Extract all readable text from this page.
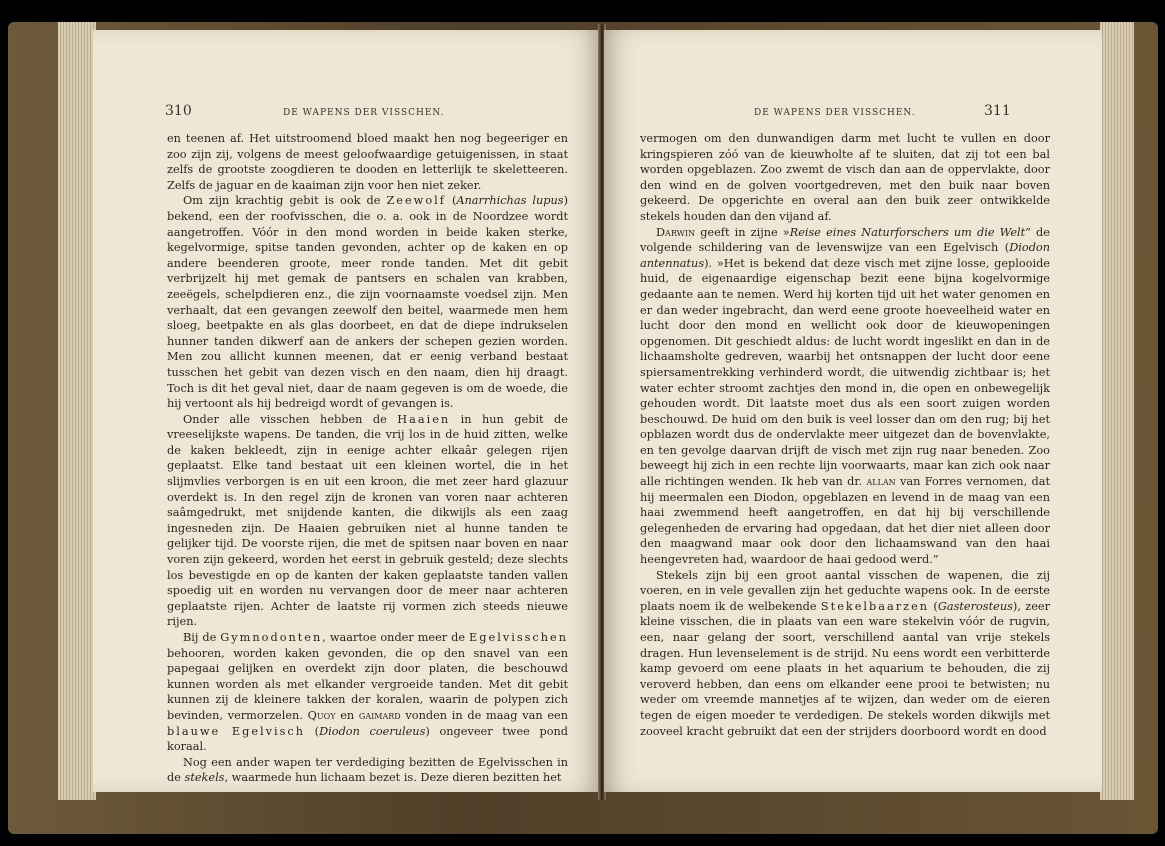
310	DE WAPENS DER VISSCHEN.

en teenen af. Het uitstroomend bloed maakt hen nog begeeriger en zoo zijn zij, volgens de meest geloofwaardige getuigenissen, in staat zelfs de grootste zoogdieren te dooden en letterlijk te skeletteeren. Zelfs de jaguar en de kaaiman zijn voor hen niet zeker.

Om zijn krachtig gebit is ook de Zeewolf (Anarrhichas lupus) bekend, een der roofvisschen, die o. a. ook in de Noordzee wordt aangetroffen. Vóór in den mond worden in beide kaken sterke, kegelvormige, spitse tanden gevonden, achter op de kaken en op andere beenderen groote, meer ronde tanden. Met dit gebit verbrijzelt hij met gemak de pantsers en schalen van krabben, zeeëgels, schelpdieren enz., die zijn voornaamste voedsel zijn. Men verhaalt, dat een gevangen zeewolf den beitel, waarmede men hem sloeg, beetpakte en als glas doorbeet, en dat de diepe indrukselen hunner tanden dikwerf aan de ankers der schepen gezien worden. Men zou allicht kunnen meenen, dat er eenig verband bestaat tusschen het gebit van dezen visch en den naam, dien hij draagt. Toch is dit het geval niet, daar de naam gegeven is om de woede, die hij vertoont als hij bedreigd wordt of gevangen is.

Onder alle visschen hebben de Haaien in hun gebit de vreeselijkste wapens. De tanden, die vrij los in de huid zitten, welke de kaken bekleedt, zijn in eenige achter elkaâr gelegen rijen geplaatst. Elke tand bestaat uit een kleinen wortel, die in het slijmvlies verborgen is en uit een kroon, die met zeer hard glazuur overdekt is. In den regel zijn de kronen van voren naar achteren saâmgedrukt, met snijdende kanten, die dikwijls als een zaag ingesneden zijn. De Haaien gebruiken niet al hunne tanden te gelijker tijd. De voorste rijen, die met de spitsen naar boven en naar voren zijn gekeerd, worden het eerst in gebruik gesteld; deze slechts los bevestigde en op de kanten der kaken geplaatste tanden vallen spoedig uit en worden nu vervangen door de meer naar achteren geplaatste rijen. Achter de laatste rij vormen zich steeds nieuwe rijen.

Bij de Gymnodonten, waartoe onder meer de Egelvisschen behooren, worden kaken gevonden, die op den snavel van een papegaai gelijken en overdekt zijn door platen, die beschouwd kunnen worden als met elkander vergroeide tanden. Met dit gebit kunnen zij de kleinere takken der koralen, waarin de polypen zich bevinden, vermorzelen. Quoy en gaimard vonden in de maag van een blauwe Egelvisch (Diodon coeruleus) ongeveer twee pond koraal.

Nog een ander wapen ter verdediging bezitten de Egelvisschen in de stekels, waarmede hun lichaam bezet is. Deze dieren bezitten het

DE WAPENS DER VISSCHEN.	311

vermogen om den dunwandigen darm met lucht te vullen en door kringspieren zóó van de kieuwholte af te sluiten, dat zij tot een bal worden opgeblazen. Zoo zwemt de visch dan aan de oppervlakte, door den wind en de golven voortgedreven, met den buik naar boven gekeerd. De opgerichte en overal aan den buik zeer ontwikkelde stekels houden dan den vijand af.

Darwin geeft in zijne »Reise eines Naturforschers um die Welt” de volgende schildering van de levenswijze van een Egelvisch (Diodon antennatus). »Het is bekend dat deze visch met zijne losse, geplooide huid, de eigenaardige eigenschap bezit eene bijna kogelvormige gedaante aan te nemen. Werd hij korten tijd uit het water genomen en er dan weder ingebracht, dan werd eene groote hoeveelheid water en lucht door den mond en wellicht ook door de kieuwopeningen opgenomen. Dit geschiedt aldus: de lucht wordt ingeslikt en dan in de lichaamsholte gedreven, waarbij het ontsnappen der lucht door eene spiersamentrekking verhinderd wordt, die uitwendig zichtbaar is; het water echter stroomt zachtjes den mond in, die open en onbewegelijk gehouden wordt. Dit laatste moet dus als een soort zuigen worden beschouwd. De huid om den buik is veel losser dan om den rug; bij het opblazen wordt dus de ondervlakte meer uitgezet dan de bovenvlakte, en ten gevolge daarvan drijft de visch met zijn rug naar beneden. Zoo beweegt hij zich in een rechte lijn voorwaarts, maar kan zich ook naar alle richtingen wenden. Ik heb van dr. allan van Forres vernomen, dat hij meermalen een Diodon, opgeblazen en levend in de maag van een haai zwemmend heeft aangetroffen, en dat hij bij verschillende gelegenheden de ervaring had opgedaan, dat het dier niet alleen door den maagwand maar ook door den lichaamswand van den haai heengevreten had, waardoor de haai gedood werd.”

Stekels zijn bij een groot aantal visschen de wapenen, die zij voeren, en in vele gevallen zijn het geduchte wapens ook. In de eerste plaats noem ik de welbekende Stekelbaarzen (Gasterosteus), zeer kleine visschen, die in plaats van een ware stekelvin vóór de rugvin, een, naar gelang der soort, verschillend aantal van vrije stekels dragen. Hun levenselement is de strijd. Nu eens wordt een verbitterde kamp gevoerd om eene plaats in het aquarium te behouden, die zij veroverd hebben, dan eens om elkander eene prooi te betwisten; nu weder om vreemde mannetjes af te wijzen, dan weder om de eieren tegen de eigen moeder te verdedigen. De stekels worden dikwijls met zooveel kracht gebruikt dat een der strijders doorboord wordt en dood
